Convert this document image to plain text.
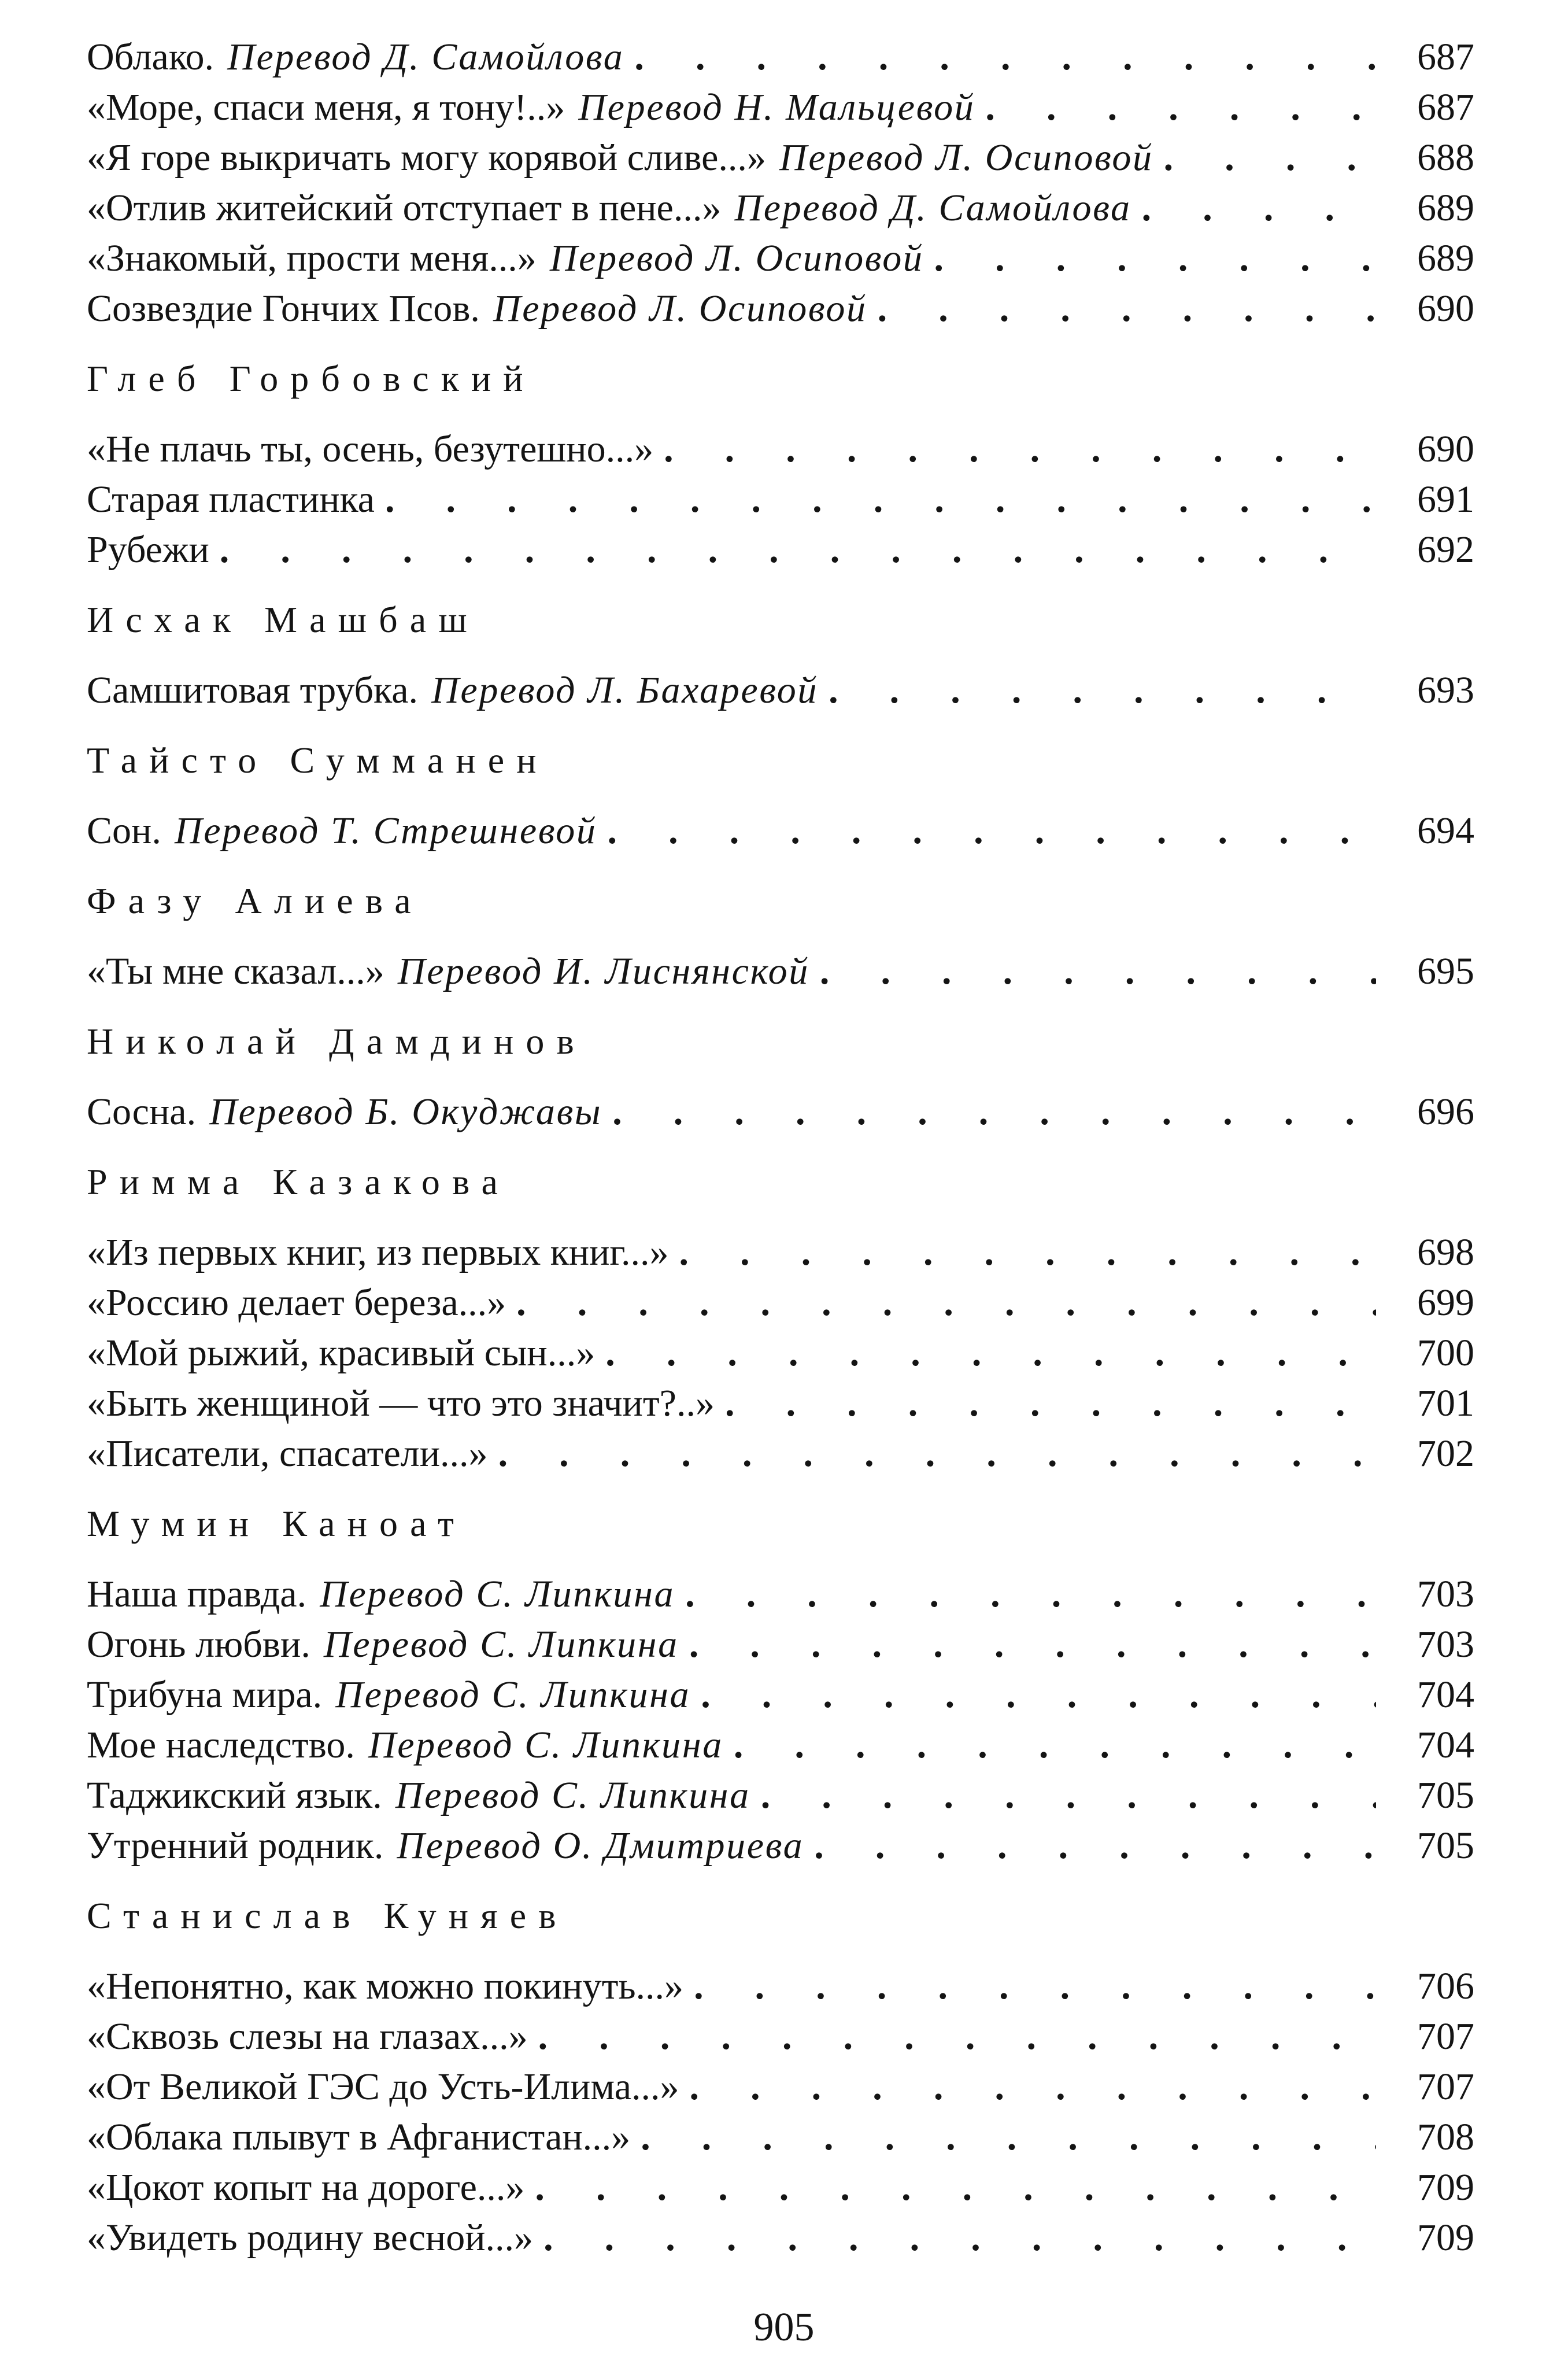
Облако. Перевод Д. Самойлова . . .	687
«Море, спаси меня, я тону!..» Перевод Н. Мальцевой . . .	687
«Я горе выкричать могу корявой сливе...» Перевод Л. Осиповой . . .	688
«Отлив житейский отступает в пене...» Перевод Д. Самойлова . . .	689
«Знакомый, прости меня...» Перевод Л. Осиповой . . .	689
Созвездие Гончих Псов. Перевод Л. Осиповой . . .	690
Глеб Горбовский
«Не плачь ты, осень, безутешно...» . . .	690
Старая пластинка . . .	691
Рубежи . . .	692
Исхак Машбаш
Самшитовая трубка. Перевод Л. Бахаревой . . .	693
Тайсто Сумманен
Сон. Перевод Т. Стрешневой . . .	694
Фазу Алиева
«Ты мне сказал...» Перевод И. Лиснянской . . .	695
Николай Дамдинов
Сосна. Перевод Б. Окуджавы . . .	696
Римма Казакова
«Из первых книг, из первых книг...» . . .	698
«Россию делает береза...» . . .	699
«Мой рыжий, красивый сын...» . . .	700
«Быть женщиной — что это значит?..» . . .	701
«Писатели, спасатели...» . . .	702
Мумин Каноат
Наша правда. Перевод С. Липкина . . .	703
Огонь любви. Перевод С. Липкина . . .	703
Трибуна мира. Перевод С. Липкина . . .	704
Мое наследство. Перевод С. Липкина . . .	704
Таджикский язык. Перевод С. Липкина . . .	705
Утренний родник. Перевод О. Дмитриева . . .	705
Станислав Куняев
«Непонятно, как можно покинуть...» . . .	706
«Сквозь слезы на глазах...» . . .	707
«От Великой ГЭС до Усть-Илима...» . . .	707
«Облака плывут в Афганистан...» . . .	708
«Цокот копыт на дороге...» . . .	709
«Увидеть родину весной...» . . .	709
905
